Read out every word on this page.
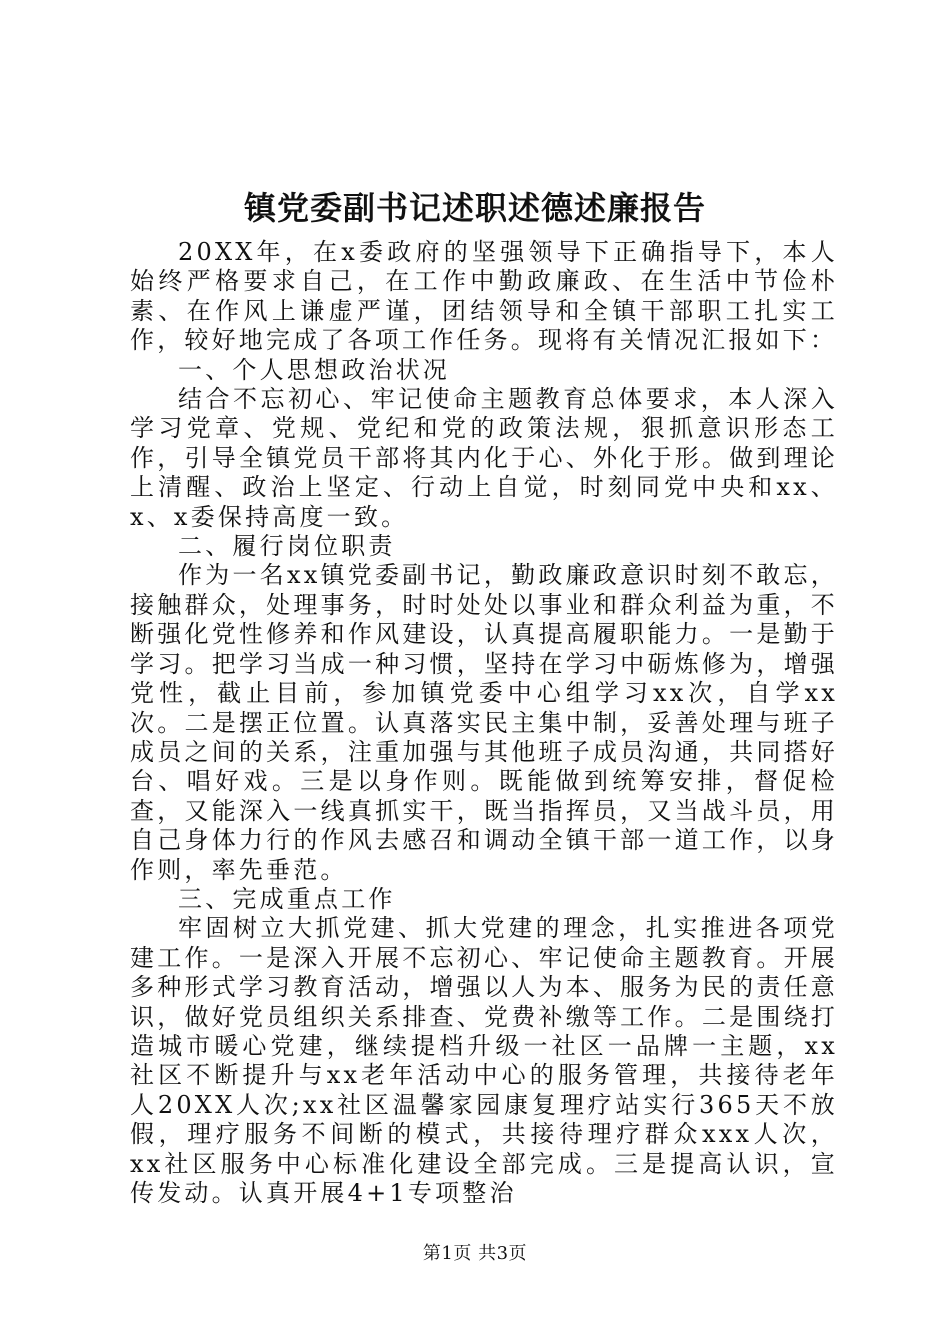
镇党委副书记述职述德述廉报告

20XX年，在x委政府的坚强领导下正确指导下，本人始终严格要求自己，在工作中勤政廉政、在生活中节俭朴素、在作风上谦虚严谨，团结领导和全镇干部职工扎实工作，较好地完成了各项工作任务。现将有关情况汇报如下：

一、个人思想政治状况

结合不忘初心、牢记使命主题教育总体要求，本人深入学习党章、党规、党纪和党的政策法规，狠抓意识形态工作，引导全镇党员干部将其内化于心、外化于形。做到理论上清醒、政治上坚定、行动上自觉，时刻同党中央和xx、x、x委保持高度一致。

二、履行岗位职责

作为一名xx镇党委副书记，勤政廉政意识时刻不敢忘，接触群众，处理事务，时时处处以事业和群众利益为重，不断强化党性修养和作风建设，认真提高履职能力。一是勤于学习。把学习当成一种习惯，坚持在学习中砺炼修为，增强党性，截止目前，参加镇党委中心组学习xx次，自学xx次。二是摆正位置。认真落实民主集中制，妥善处理与班子成员之间的关系，注重加强与其他班子成员沟通，共同搭好台、唱好戏。三是以身作则。既能做到统筹安排，督促检查，又能深入一线真抓实干，既当指挥员，又当战斗员，用自己身体力行的作风去感召和调动全镇干部一道工作，以身作则，率先垂范。

三、完成重点工作

牢固树立大抓党建、抓大党建的理念，扎实推进各项党建工作。一是深入开展不忘初心、牢记使命主题教育。开展多种形式学习教育活动，增强以人为本、服务为民的责任意识，做好党员组织关系排查、党费补缴等工作。二是围绕打造城市暖心党建，继续提档升级一社区一品牌一主题，xx社区不断提升与xx老年活动中心的服务管理，共接待老年人20XX人次;xx社区温馨家园康复理疗站实行365天不放假，理疗服务不间断的模式，共接待理疗群众xxx人次，xx社区服务中心标准化建设全部完成。三是提高认识，宣传发动。认真开展4+1专项整治

第1页 共3页
